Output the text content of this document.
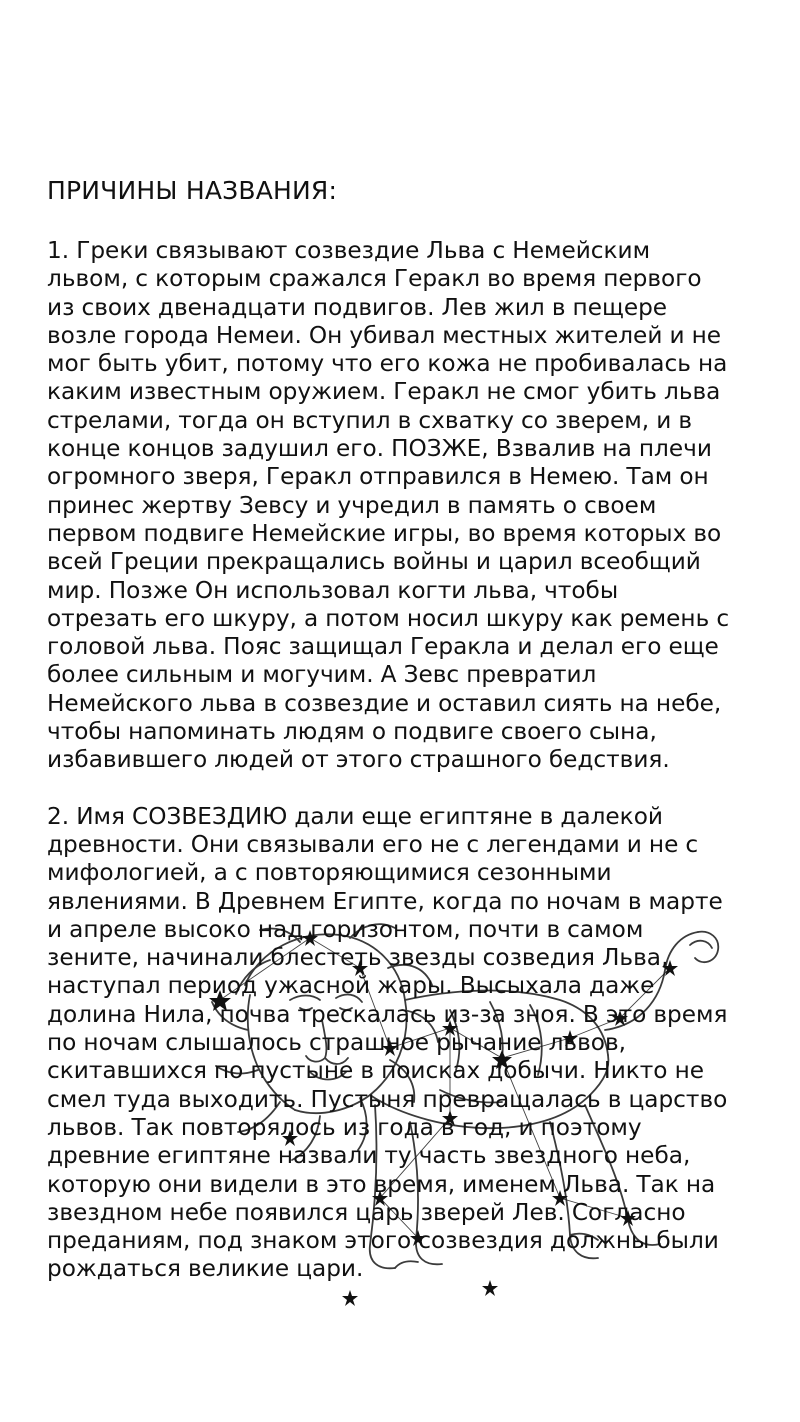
ПРИЧИНЫ НАЗВАНИЯ:

1. Греки связывают созвездие Льва с Немейским
львом, с которым сражался Геракл во время первого
из своих двенадцати подвигов. Лев жил в пещере
возле города Немеи. Он убивал местных жителей и не
мог быть убит, потому что его кожа не пробивалась на
каким известным оружием. Геракл не смог убить льва
стрелами, тогда он вступил в схватку со зверем, и в
конце концов задушил его. ПОЗЖЕ, Взвалив на плечи
огромного зверя, Геракл отправился в Немею. Там он
принес жертву Зевсу и учредил в память о своем
первом подвиге Немейские игры, во время которых во
всей Греции прекращались войны и царил всеобщий
мир. Позже Он использовал когти льва, чтобы
отрезать его шкуру, а потом носил шкуру как ремень с
головой льва. Пояс защищал Геракла и делал его еще
более сильным и могучим. А Зевс превратил
Немейского льва в созвездие и оставил сиять на небе,
чтобы напоминать людям о подвиге своего сына,
избавившего людей от этого страшного бедствия.

2. Имя СОЗВЕЗДИЮ дали еще египтяне в далекой
древности. Они связывали его не с легендами и не с
мифологией, а с повторяющимися сезонными
явлениями. В Древнем Египте, когда по ночам в марте
и апреле высоко над горизонтом, почти в самом
зените, начинали блестеть звезды созведия Льва,
наступал период ужасной жары. Высыхала даже
долина Нила, почва трескалась из-за зноя. В это время
по ночам слышалось страшное рычание львов,
скитавшихся по пустыне в поисках добычи. Никто не
смел туда выходить. Пустыня превращалась в царство
львов. Так повторялось из года в год, и поэтому
древние египтяне назвали ту часть звездного неба,
которую они видели в это время, именем Льва. Так на
звездном небе появился царь зверей Лев. Согласно
преданиям, под знаком этого созвездия должны были
рождаться великие цари.
